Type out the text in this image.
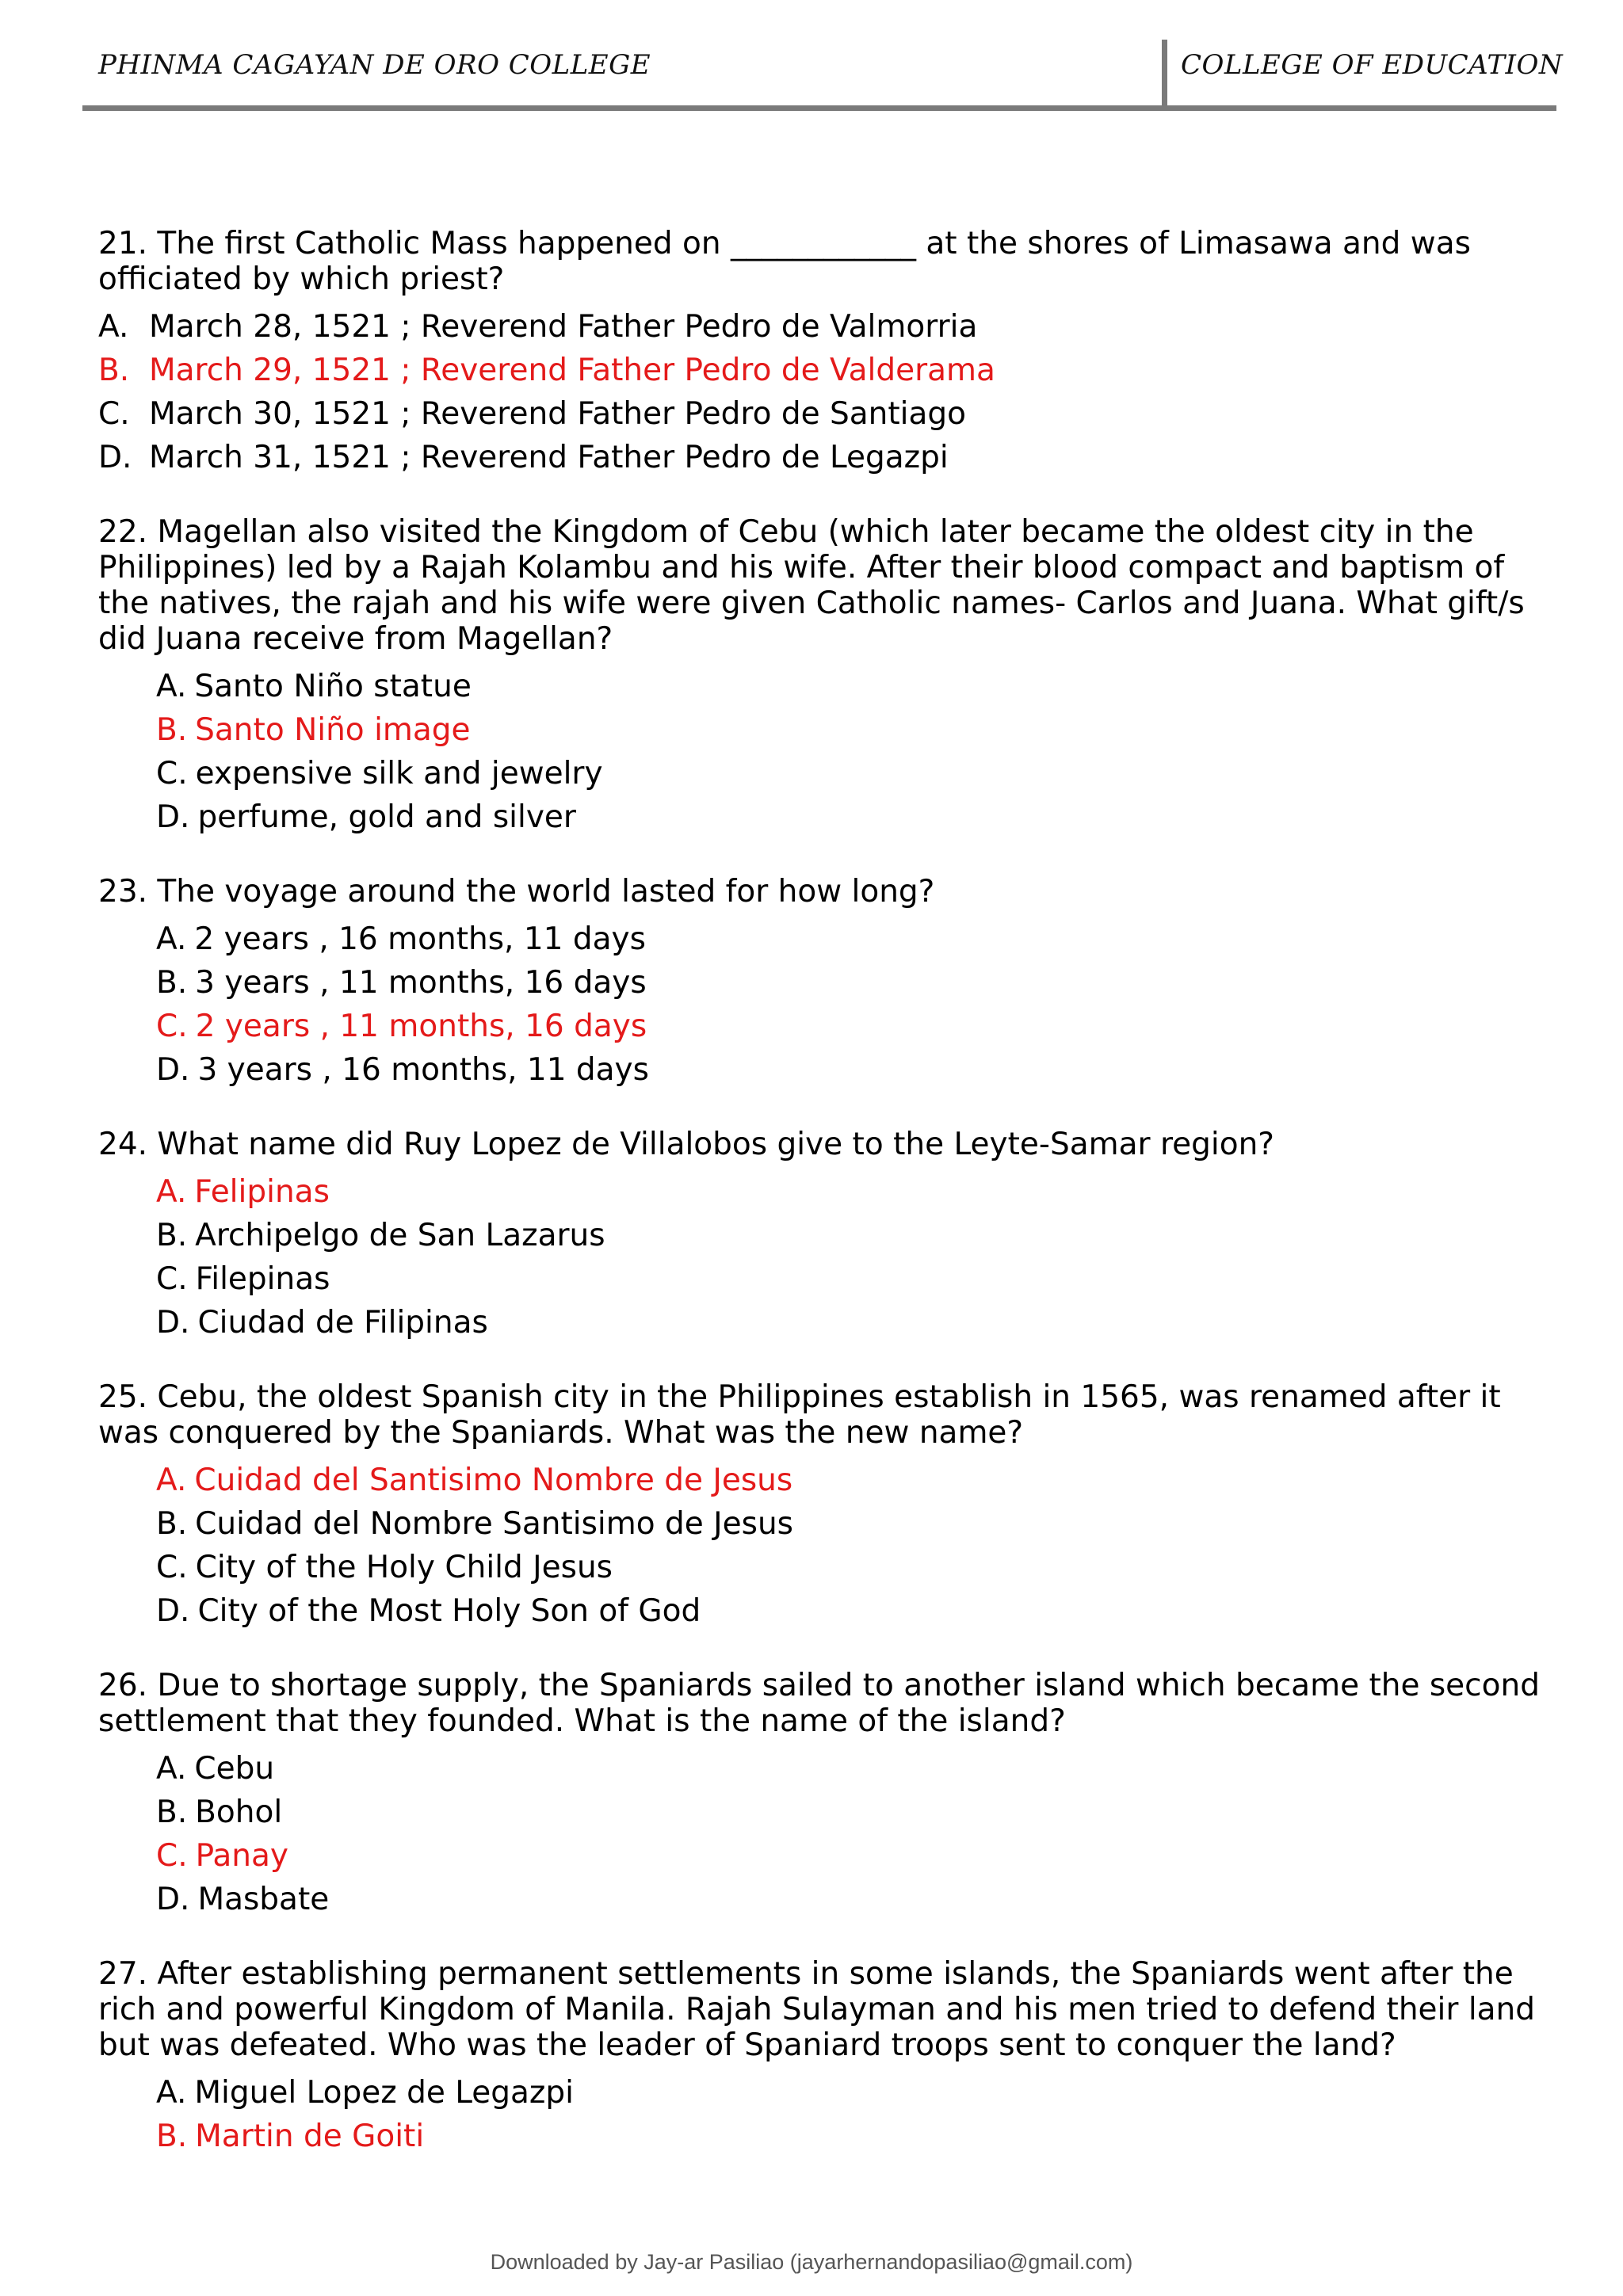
PHINMA CAGAYAN DE ORO COLLEGE	COLLEGE OF EDUCATION

21. The first Catholic Mass happened on ____________ at the shores of Limasawa and was officiated by which priest?

A. March 28, 1521 ; Reverend Father Pedro de Valmorria
B. March 29, 1521 ; Reverend Father Pedro de Valderama
C. March 30, 1521 ; Reverend Father Pedro de Santiago
D. March 31, 1521 ; Reverend Father Pedro de Legazpi

22. Magellan also visited the Kingdom of Cebu (which later became the oldest city in the Philippines) led by a Rajah Kolambu and his wife. After their blood compact and baptism of the natives, the rajah and his wife were given Catholic names- Carlos and Juana. What gift/s did Juana receive from Magellan?

A. Santo Niño statue
B. Santo Niño image
C. expensive silk and jewelry
D. perfume, gold and silver

23. The voyage around the world lasted for how long?

A. 2 years , 16 months, 11 days
B. 3 years , 11 months, 16 days
C. 2 years , 11 months, 16 days
D. 3 years , 16 months, 11 days

24. What name did Ruy Lopez de Villalobos give to the Leyte-Samar region?

A. Felipinas
B. Archipelgo de San Lazarus
C. Filepinas
D. Ciudad de Filipinas

25. Cebu, the oldest Spanish city in the Philippines establish in 1565, was renamed after it was conquered by the Spaniards. What was the new name?

A. Cuidad del Santisimo Nombre de Jesus
B. Cuidad del Nombre Santisimo de Jesus
C. City of the Holy Child Jesus
D. City of the Most Holy Son of God

26. Due to shortage supply, the Spaniards sailed to another island which became the second settlement that they founded. What is the name of the island?

A. Cebu
B. Bohol
C. Panay
D. Masbate

27. After establishing permanent settlements in some islands, the Spaniards went after the rich and powerful Kingdom of Manila. Rajah Sulayman and his men tried to defend their land but was defeated. Who was the leader of Spaniard troops sent to conquer the land?

A. Miguel Lopez de Legazpi
B. Martin de Goiti
Downloaded by Jay-ar Pasiliao (jayarhernandopasiliao@gmail.com)
